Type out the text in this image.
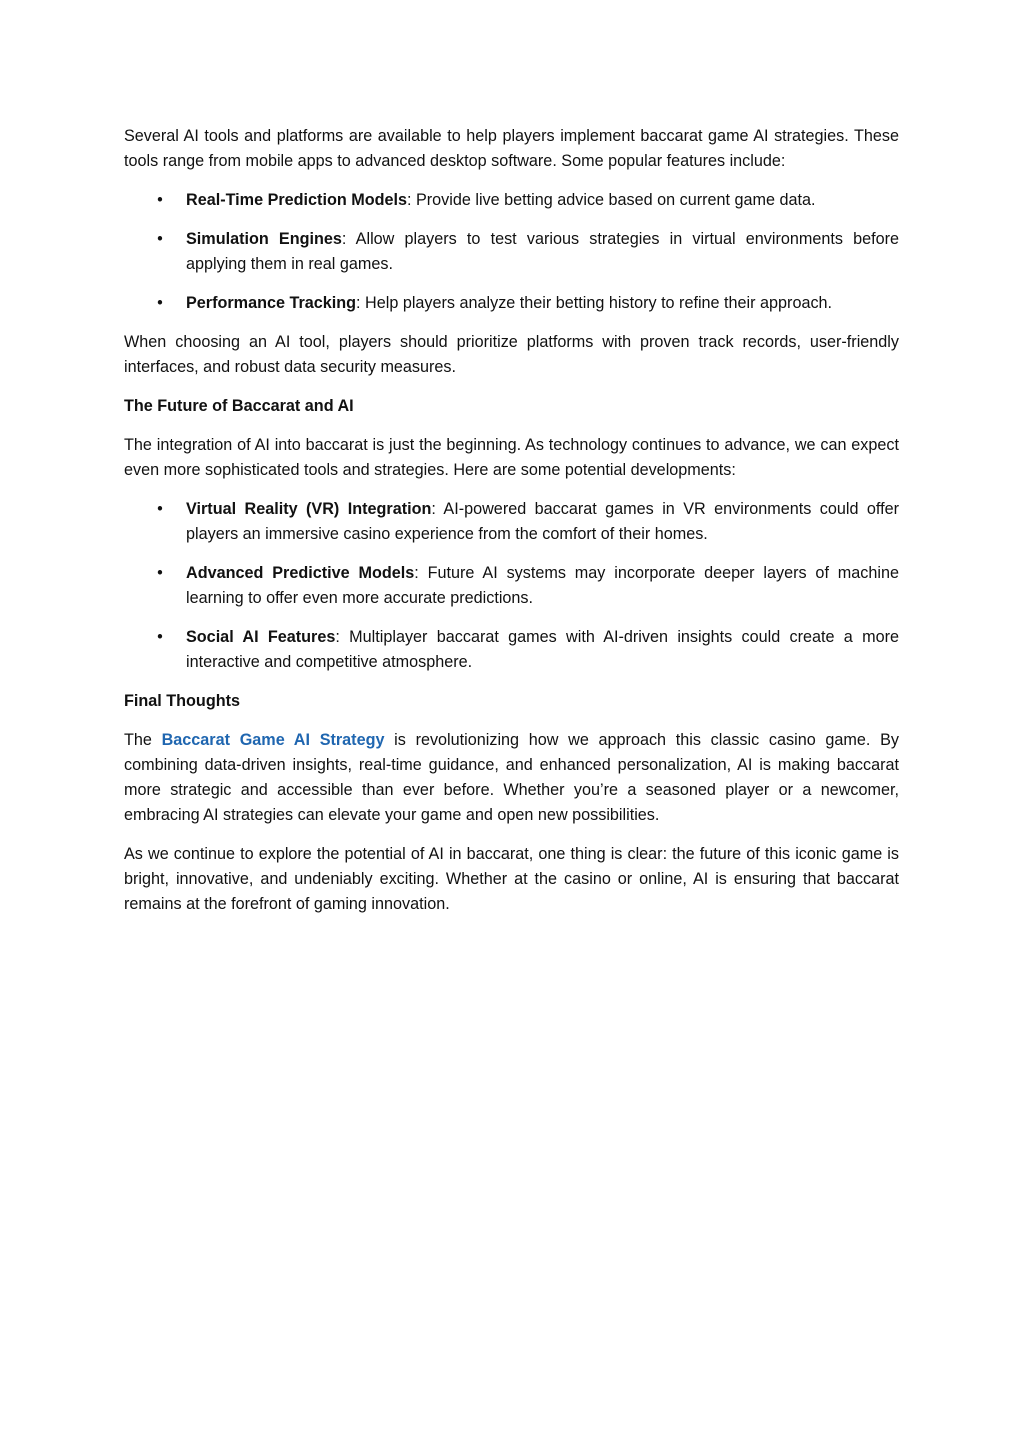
Several AI tools and platforms are available to help players implement baccarat game AI strategies. These tools range from mobile apps to advanced desktop software. Some popular features include:

• Real-Time Prediction Models: Provide live betting advice based on current game data.
• Simulation Engines: Allow players to test various strategies in virtual environments before applying them in real games.
• Performance Tracking: Help players analyze their betting history to refine their approach.

When choosing an AI tool, players should prioritize platforms with proven track records, user-friendly interfaces, and robust data security measures.

The Future of Baccarat and AI

The integration of AI into baccarat is just the beginning. As technology continues to advance, we can expect even more sophisticated tools and strategies. Here are some potential developments:

• Virtual Reality (VR) Integration: AI-powered baccarat games in VR environments could offer players an immersive casino experience from the comfort of their homes.
• Advanced Predictive Models: Future AI systems may incorporate deeper layers of machine learning to offer even more accurate predictions.
• Social AI Features: Multiplayer baccarat games with AI-driven insights could create a more interactive and competitive atmosphere.
Final Thoughts

The Baccarat Game AI Strategy is revolutionizing how we approach this classic casino game. By combining data-driven insights, real-time guidance, and enhanced personalization, AI is making baccarat more strategic and accessible than ever before. Whether you’re a seasoned player or a newcomer, embracing AI strategies can elevate your game and open new possibilities.

As we continue to explore the potential of AI in baccarat, one thing is clear: the future of this iconic game is bright, innovative, and undeniably exciting. Whether at the casino or online, AI is ensuring that baccarat remains at the forefront of gaming innovation.
